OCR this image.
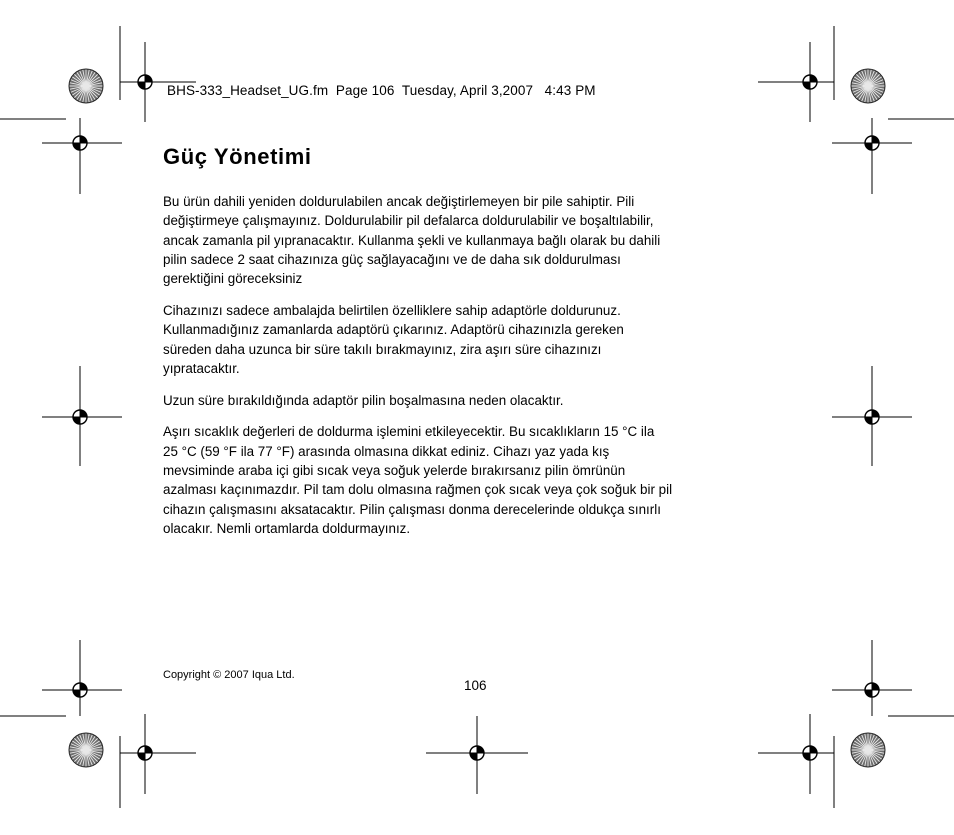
BHS-333_Headset_UG.fm  Page 106  Tuesday, April 3,2007   4:43 PM
Güç Yönetimi

Bu ürün dahili yeniden doldurulabilen ancak değiştirlemeyen bir pile sahiptir. Pili
değiştirmeye çalışmayınız. Doldurulabilir pil defalarca doldurulabilir ve boşaltılabilir,
ancak zamanla pil yıpranacaktır. Kullanma şekli ve kullanmaya bağlı olarak bu dahili
pilin sadece 2 saat cihazınıza güç sağlayacağını ve de daha sık doldurulması
gerektiğini göreceksiniz

Cihazınızı sadece ambalajda belirtilen özelliklere sahip adaptörle doldurunuz.
Kullanmadığınız zamanlarda adaptörü çıkarınız. Adaptörü cihazınızla gereken
süreden daha uzunca bir süre takılı bırakmayınız, zira aşırı süre cihazınızı
yıpratacaktır.

Uzun süre bırakıldığında adaptör pilin boşalmasına neden olacaktır.

Aşırı sıcaklık değerleri de doldurma işlemini etkileyecektir. Bu sıcaklıkların 15 °C ila
25 °C (59 °F ila 77 °F) arasında olmasına dikkat ediniz. Cihazı yaz yada kış
mevsiminde araba içi gibi sıcak veya soğuk yelerde bırakırsanız pilin ömrünün
azalması kaçınımazdır. Pil tam dolu olmasına rağmen çok sıcak veya çok soğuk bir pil
cihazın çalışmasını aksatacaktır. Pilin çalışması donma derecelerinde oldukça sınırlı
olacakır. Nemli ortamlarda doldurmayınız.

Copyright © 2007 Iqua Ltd.
106
